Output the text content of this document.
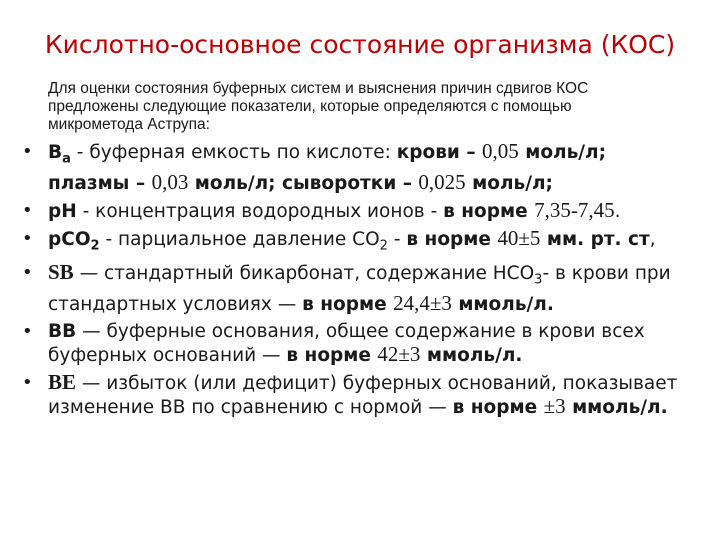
Кислотно-основное состояние организма (КОС)
Для оценки состояния буферных систем и выяснения причин сдвигов КОС предложены следующие показатели, которые определяются с помощью микрометода Аструпа:
• $B_a$ - буферная емкость по кислоте: крови – 0,05 моль/л; плазмы – 0,03 моль/л; сыворотки – 0,025 моль/л;
• pH - концентрация водородных ионов - в норме 7,35-7,45.
• pCO$_2$ - парциальное давление $CO_2$ - в норме 40±5 мм. рт. ст,
• SB — стандартный бикарбонат, содержание $HCO_3-$ в крови при стандартных условиях — в норме 24,4±3 ммоль/л.
• BB — буферные основания, общее содержание в крови всех буферных оснований — в норме 42±3 ммоль/л.
• BE — избыток (или дефицит) буферных оснований, показывает изменение BB по сравнению с нормой — в норме ±3 ммоль/л.
